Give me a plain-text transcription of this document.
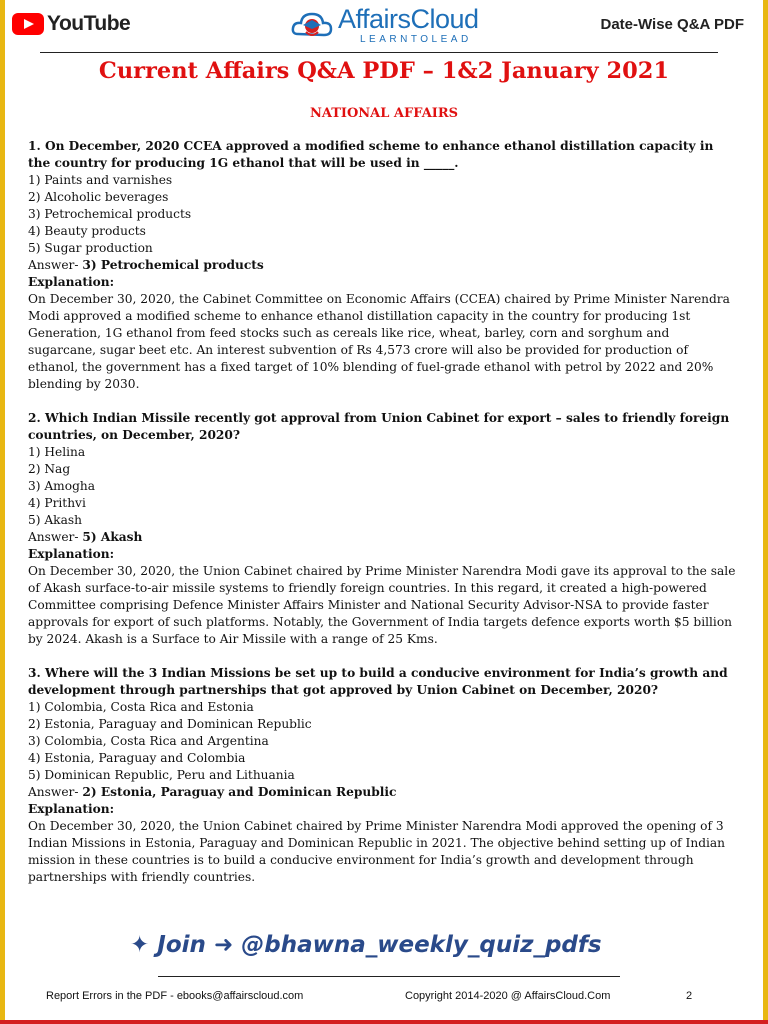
YouTube	AffairsCloud
LEARNTOLEAD
Date-Wise Q&A PDF
Current Affairs Q&A PDF – 1&2 January 2021
NATIONAL AFFAIRS

1. On December, 2020 CCEA approved a modified scheme to enhance ethanol distillation capacity in the country for producing 1G ethanol that will be used in _____.

1) Paints and varnishes

2) Alcoholic beverages

3) Petrochemical products

4) Beauty products

5) Sugar production

Answer- 3) Petrochemical products

Explanation:

On December 30, 2020, the Cabinet Committee on Economic Affairs (CCEA) chaired by Prime Minister Narendra Modi approved a modified scheme to enhance ethanol distillation capacity in the country for producing 1st Generation, 1G ethanol from feed stocks such as cereals like rice, wheat, barley, corn and sorghum and sugarcane, sugar beet etc. An interest subvention of Rs 4,573 crore will also be provided for production of ethanol, the government has a fixed target of 10% blending of fuel-grade ethanol with petrol by 2022 and 20% blending by 2030.

2. Which Indian Missile recently got approval from Union Cabinet for export – sales to friendly foreign countries, on December, 2020?

1) Helina

2) Nag

3) Amogha

4) Prithvi

5) Akash

Answer- 5) Akash

Explanation:

On December 30, 2020, the Union Cabinet chaired by Prime Minister Narendra Modi gave its approval to the sale of Akash surface-to-air missile systems to friendly foreign countries. In this regard, it created a high-powered Committee comprising Defence Minister Affairs Minister and National Security Advisor-NSA to provide faster approvals for export of such platforms. Notably, the Government of India targets defence exports worth $5 billion by 2024. Akash is a Surface to Air Missile with a range of 25 Kms.

3. Where will the 3 Indian Missions be set up to build a conducive environment for India’s growth and development through partnerships that got approved by Union Cabinet on December, 2020?

1) Colombia, Costa Rica and Estonia

2) Estonia, Paraguay and Dominican Republic

3) Colombia, Costa Rica and Argentina

4) Estonia, Paraguay and Colombia

5) Dominican Republic, Peru and Lithuania

Answer- 2) Estonia, Paraguay and Dominican Republic

Explanation:

On December 30, 2020, the Union Cabinet chaired by Prime Minister Narendra Modi approved the opening of 3 Indian Missions in Estonia, Paraguay and Dominican Republic in 2021. The objective behind setting up of Indian mission in these countries is to build a conducive environment for India’s growth and development through partnerships with friendly countries.

✦ Join ➜ @bhawna_weekly_quiz_pdfs
Report Errors in the PDF - ebooks@affairscloud.com	Copyright 2014-2020 @ AffairsCloud.Com	2
